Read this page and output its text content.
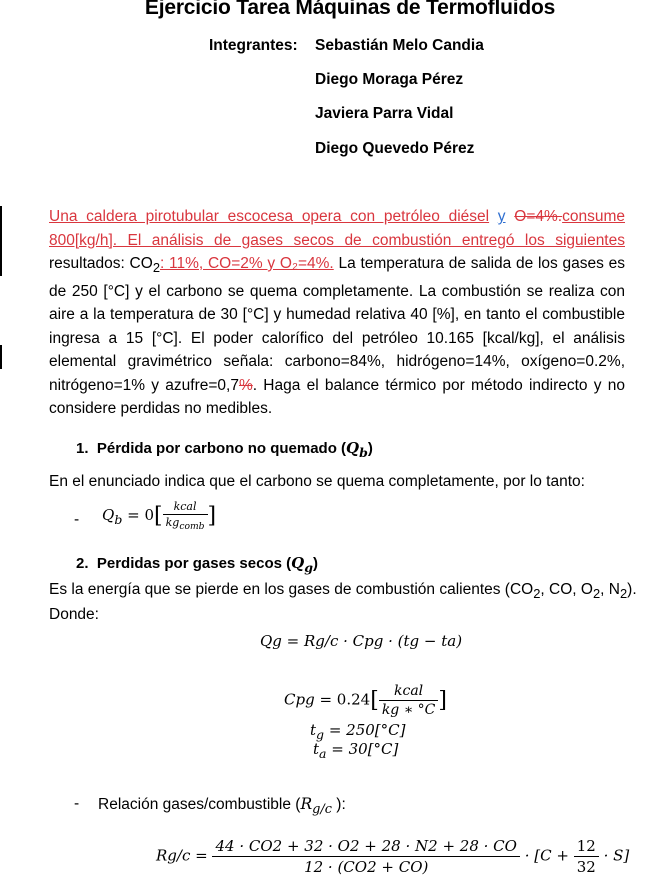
Ejercicio Tarea Máquinas de Termofluidos
Integrantes: Sebastián Melo Candia
Diego Moraga Pérez
Javiera Parra Vidal
Diego Quevedo Pérez
Una caldera pirotubular escocesa opera con petróleo diésel y O=4%.consume 800[kg/h]. El análisis de gases secos de combustión entregó los siguientes resultados: $CO_2$: 11%, CO=2% y O₂=4%. La temperatura de salida de los gases es de 250 [°C] y el carbono se quema completamente. La combustión se realiza con aire a la temperatura de 30 [°C] y humedad relativa 40 [%], en tanto el combustible ingresa a 15 [°C]. El poder calorífico del petróleo 10.165 [kcal/kg], el análisis elemental gravimétrico señala: carbono=84%, hidrógeno=14%, oxígeno=0.2%, nitrógeno=1% y azufre=0,7%. Haga el balance térmico por método indirecto y no considere perdidas no medibles.
1. Pérdida por carbono no quemado $(Q_b)$
En el enunciado indica que el carbono se quema completamente, por lo tanto:
- $Q_b = 0[ \frac{\text{kcal}}{kg_{comb}}$ ]
2. Perdidas por gases secos $(Q_g)$
Es la energía que se pierde en los gases de combustión calientes ($CO_2$, CO, $O_2$, $N_2$).
Donde:
Qg = Rg/c · Cpg · (tg − ta)
Cpg = $0.24[ \frac{\text{kcal}}{kg ∗ ^\circ C}$ ]
$t_g = 250[^\circ C]$
$t_a = 30[^\circ C]$
- Relación gases/combustible ($R_{g/c}$ ):
$Rg/c = \frac{44 \cdot CO2 + 32 \cdot O2 + 28 \cdot N2 + 28 \cdot CO}{12 \cdot (CO2 + CO)} \cdot [C + \frac{12}{32} \cdot S]$
